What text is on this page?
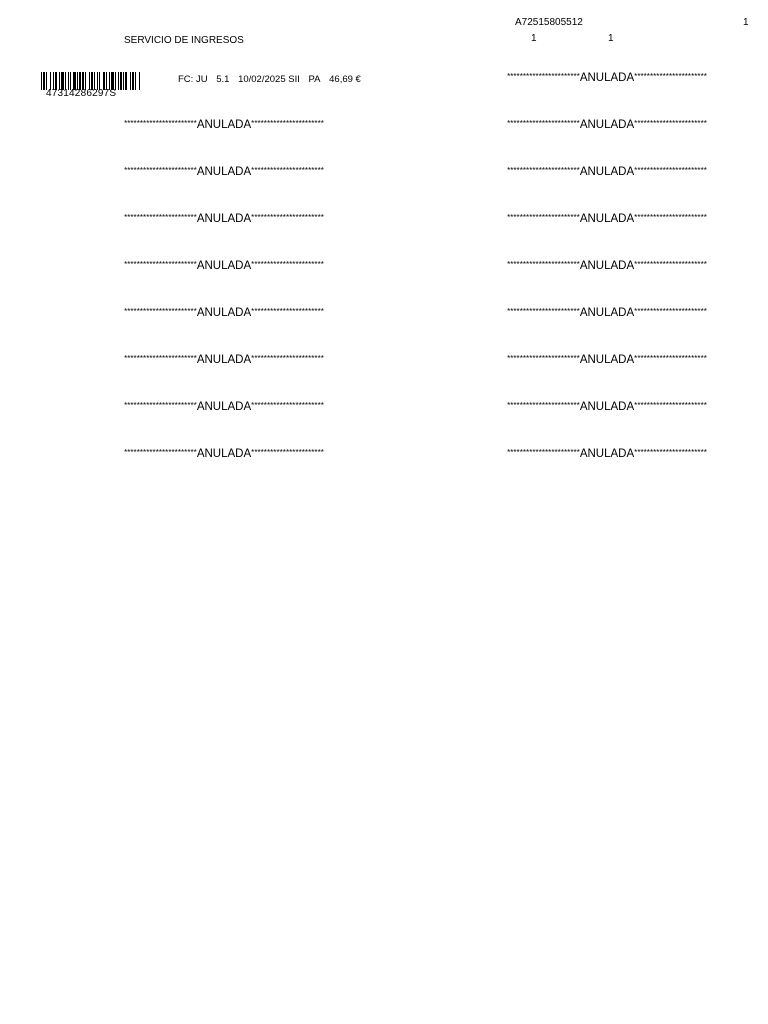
SERVICIO DE INGRESOS
A72515805512	1
1	1
47314286297S
FC: JU 5.1 10/02/2025 SII PA 46,69 €
***********************ANULADA***********************
***********************ANULADA***********************
***********************ANULADA***********************
***********************ANULADA***********************
***********************ANULADA***********************
***********************ANULADA***********************
***********************ANULADA***********************
***********************ANULADA***********************
***********************ANULADA***********************
***********************ANULADA***********************
***********************ANULADA***********************
***********************ANULADA***********************
***********************ANULADA***********************
***********************ANULADA***********************
***********************ANULADA***********************
***********************ANULADA***********************
***********************ANULADA***********************
